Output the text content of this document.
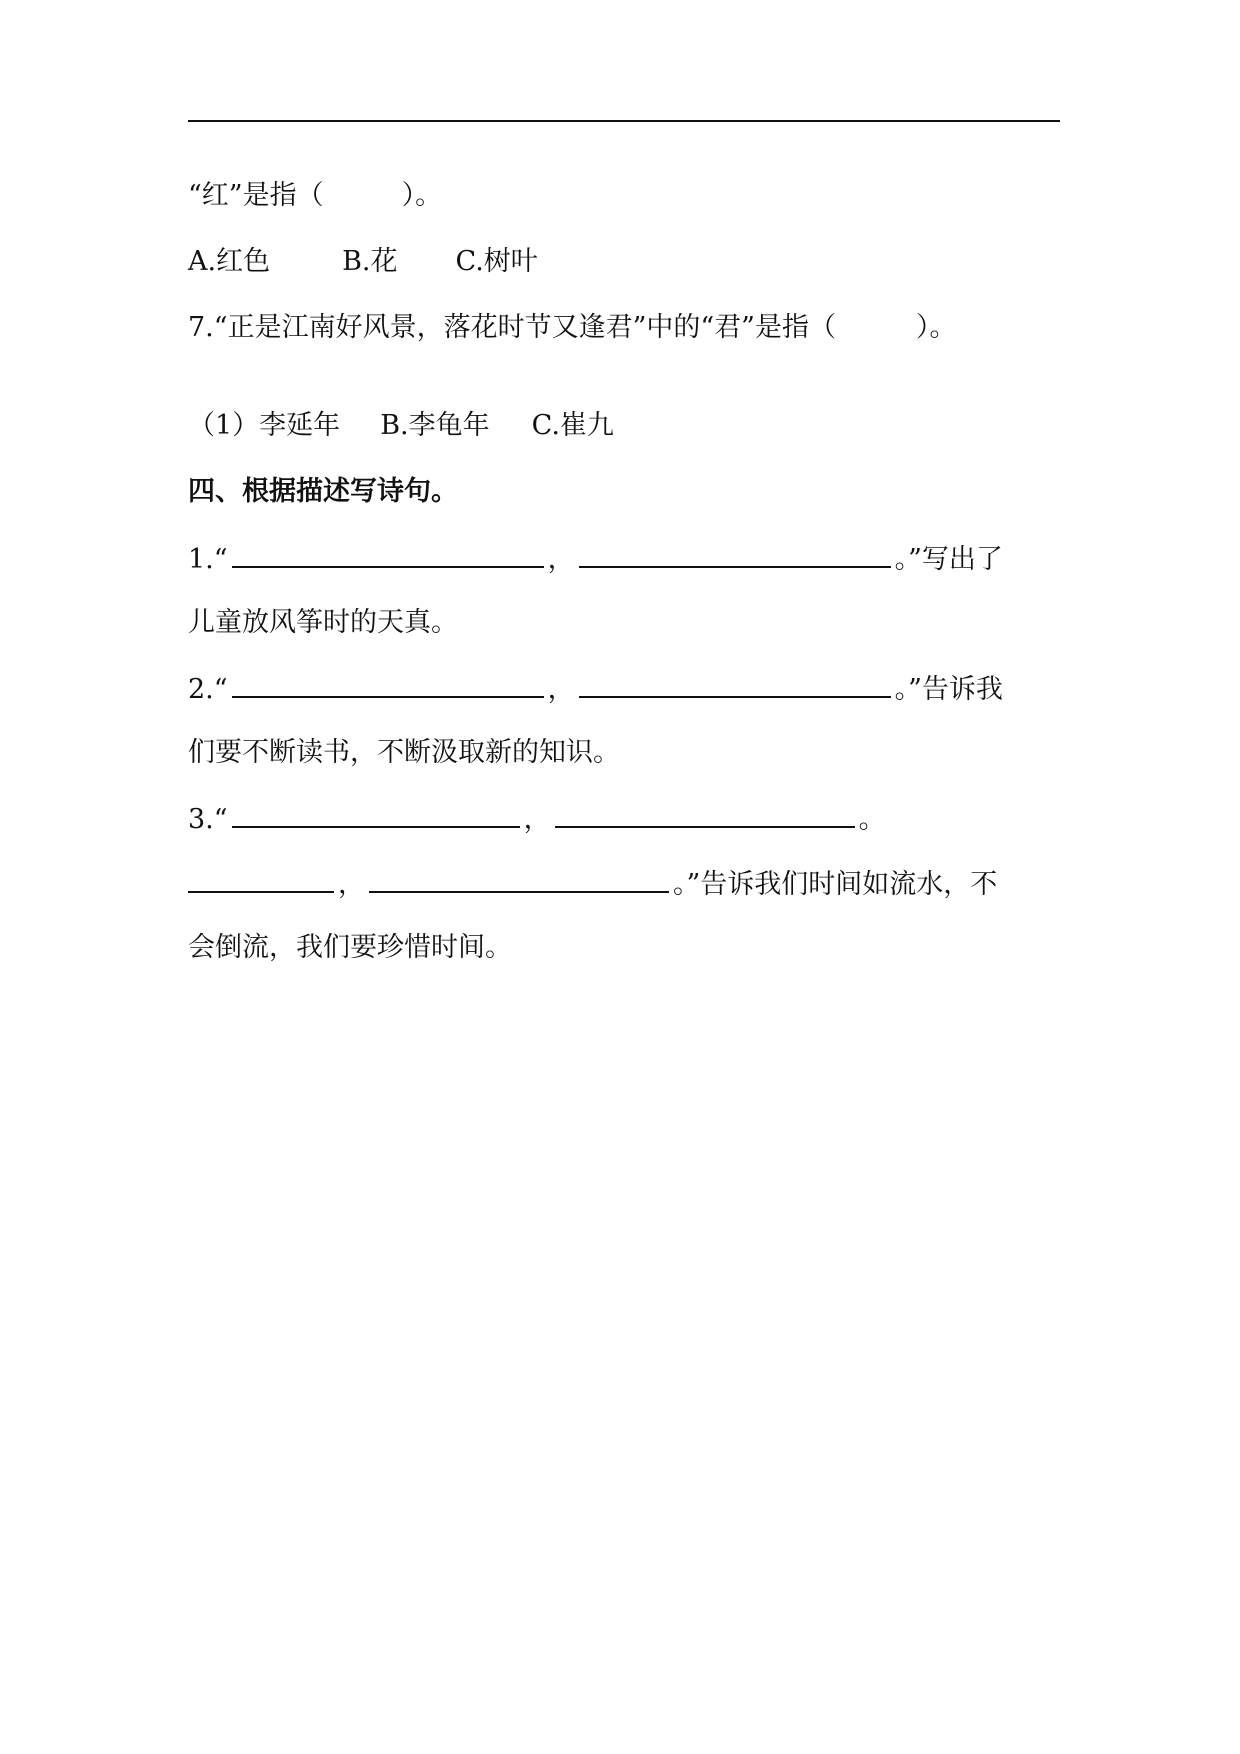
“红”是指（	）。
A.红色	B.花 C.树叶
7.“正是江南好风景，落花时节又逢君”中的“君”是指（	）。
（1）李延年 B.李龟年 C.崔九
四、根据描述写诗句。
1.“	，	。”写出了
儿童放风筝时的天真。
2.“	，	。”告诉我
们要不断读书，不断汲取新的知识。
3.“	，	。
，	。”告诉我们时间如流水，不
会倒流，我们要珍惜时间。
